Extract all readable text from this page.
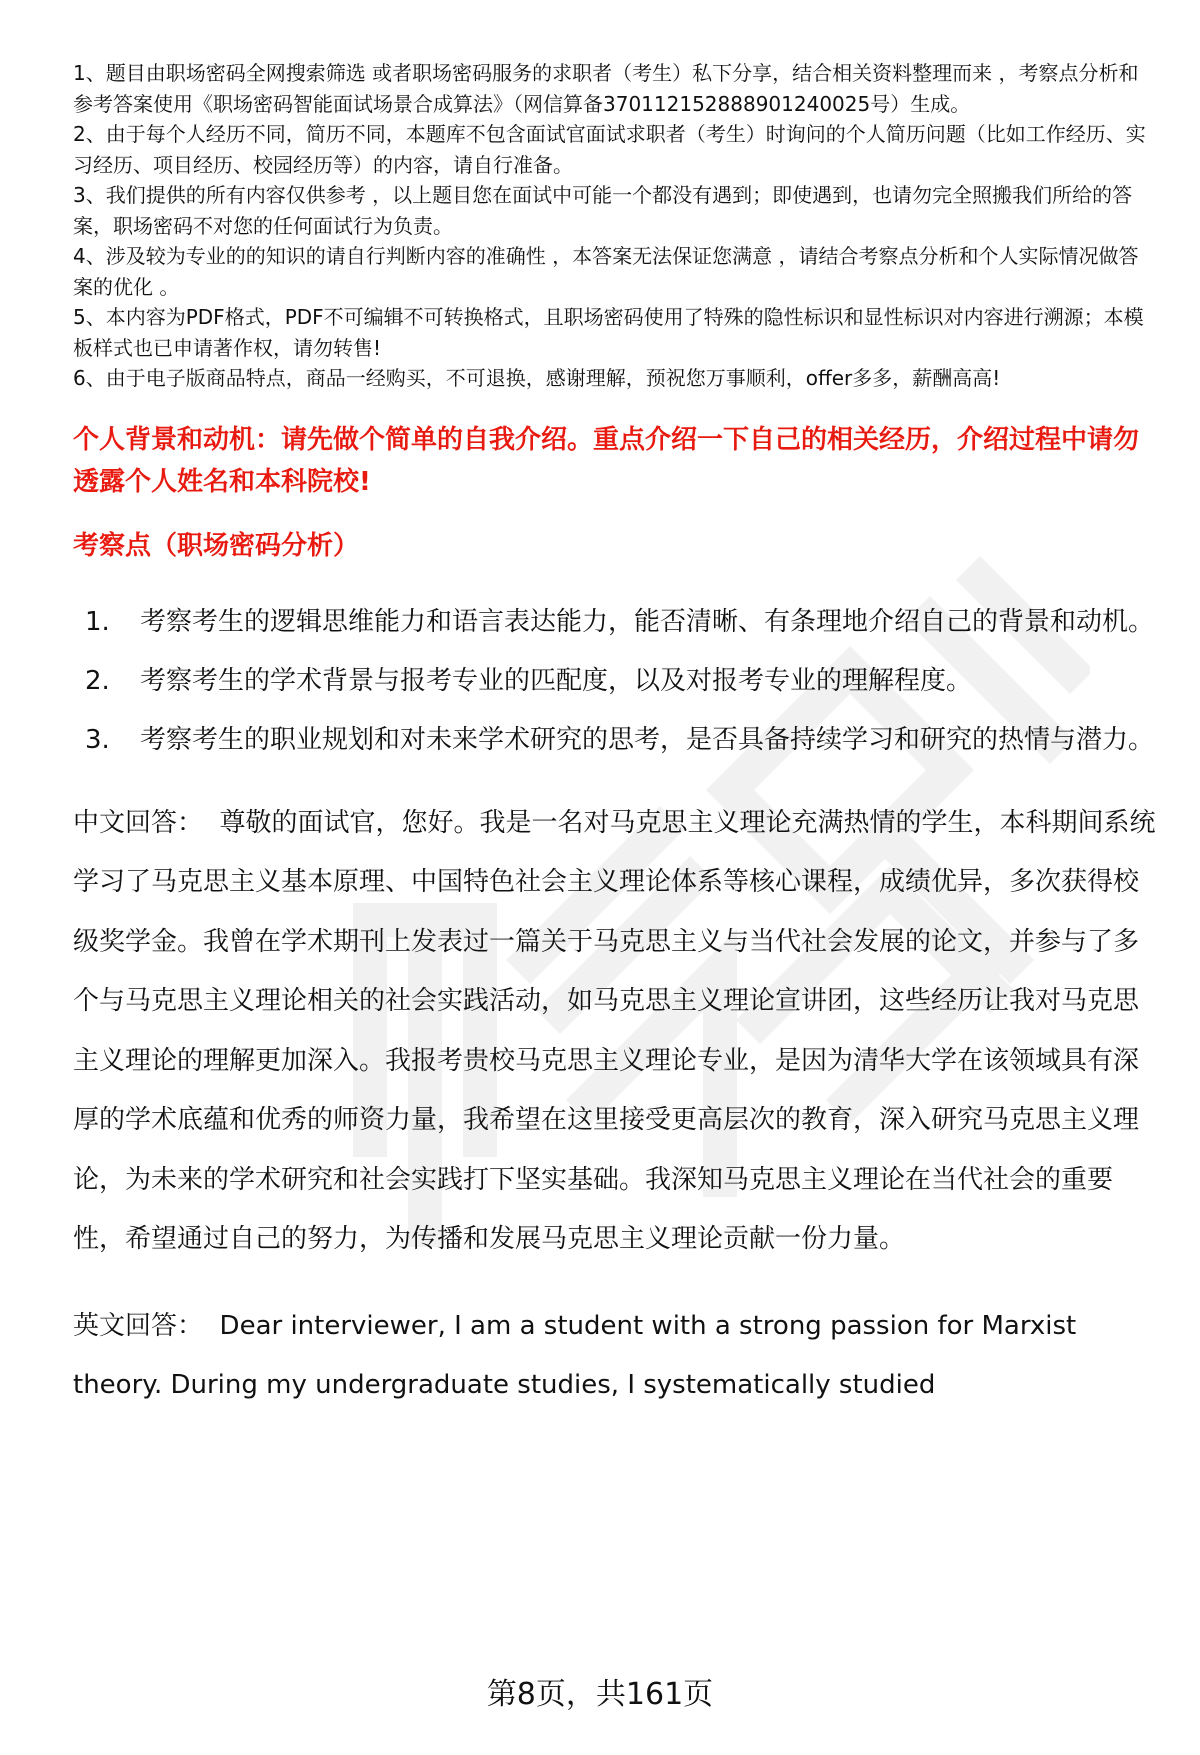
1、题目由职场密码全网搜索筛选 或者职场密码服务的求职者（考生）私下分享，结合相关资料整理而来 ，考察点分析和参考答案使用《职场密码智能面试场景合成算法》（网信算备370112152888901240025号）生成。

2、由于每个人经历不同，简历不同，本题库不包含面试官面试求职者（考生）时询问的个人简历问题（比如工作经历、实习经历、项目经历、校园经历等）的内容，请自行准备。

3、我们提供的所有内容仅供参考 ，以上题目您在面试中可能一个都没有遇到；即使遇到，也请勿完全照搬我们所给的答案，职场密码不对您的任何面试行为负责。

4、涉及较为专业的的知识的请自行判断内容的准确性 ，本答案无法保证您满意 ，请结合考察点分析和个人实际情况做答案的优化 。

5、本内容为PDF格式，PDF不可编辑不可转换格式，且职场密码使用了特殊的隐性标识和显性标识对内容进行溯源；本模板样式也已申请著作权，请勿转售!

6、由于电子版商品特点，商品一经购买，不可退换，感谢理解，预祝您万事顺利，offer多多，薪酬高高!

个人背景和动机：请先做个简单的自我介绍。重点介绍一下自己的相关经历，介绍过程中请勿透露个人姓名和本科院校!

考察点（职场密码分析）

1.	考察考生的逻辑思维能力和语言表达能力，能否清晰、有条理地介绍自己的背景和动机。
2.	考察考生的学术背景与报考专业的匹配度，以及对报考专业的理解程度。
3.	考察考生的职业规划和对未来学术研究的思考，是否具备持续学习和研究的热情与潜力。

中文回答： 尊敬的面试官，您好。我是一名对马克思主义理论充满热情的学生，本科期间系统学习了马克思主义基本原理、中国特色社会主义理论体系等核心课程，成绩优异，多次获得校级奖学金。我曾在学术期刊上发表过一篇关于马克思主义与当代社会发展的论文，并参与了多个与马克思主义理论相关的社会实践活动，如马克思主义理论宣讲团，这些经历让我对马克思主义理论的理解更加深入。我报考贵校马克思主义理论专业，是因为清华大学在该领域具有深厚的学术底蕴和优秀的师资力量，我希望在这里接受更高层次的教育，深入研究马克思主义理论，为未来的学术研究和社会实践打下坚实基础。我深知马克思主义理论在当代社会的重要性，希望通过自己的努力，为传播和发展马克思主义理论贡献一份力量。

英文回答： Dear interviewer, I am a student with a strong passion for Marxist theory. During my undergraduate studies, I systematically studied

第8页，共161页
